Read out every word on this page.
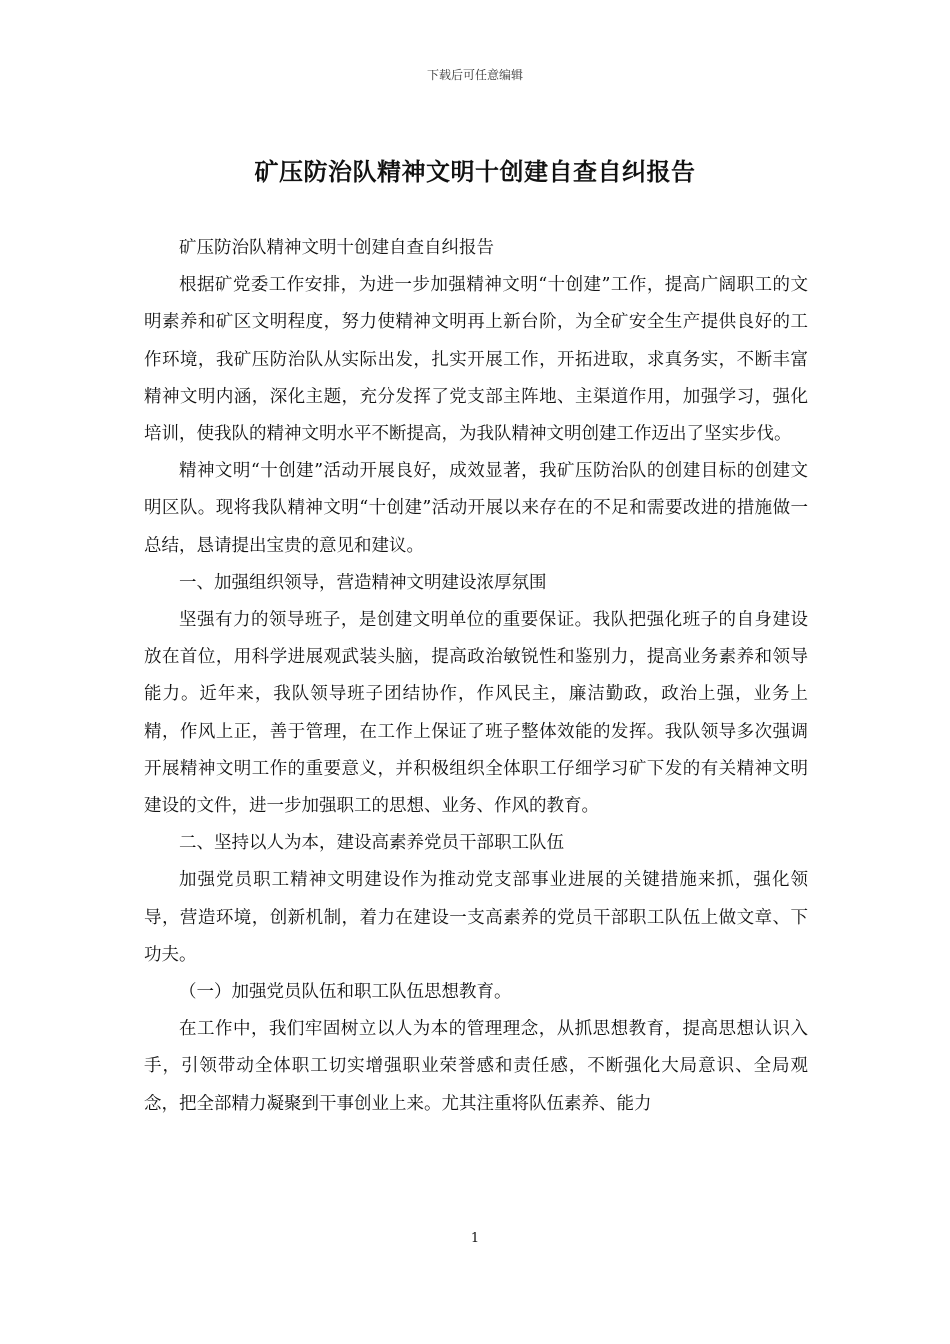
下载后可任意编辑
矿压防治队精神文明十创建自查自纠报告

矿压防治队精神文明十创建自查自纠报告

根据矿党委工作安排，为进一步加强精神文明“十创建”工作，提高广阔职工的文明素养和矿区文明程度，努力使精神文明再上新台阶，为全矿安全生产提供良好的工作环境，我矿压防治队从实际出发，扎实开展工作，开拓进取，求真务实，不断丰富精神文明内涵，深化主题，充分发挥了党支部主阵地、主渠道作用，加强学习，强化培训，使我队的精神文明水平不断提高，为我队精神文明创建工作迈出了坚实步伐。

精神文明“十创建”活动开展良好，成效显著，我矿压防治队的创建目标的创建文明区队。现将我队精神文明“十创建”活动开展以来存在的不足和需要改进的措施做一总结，恳请提出宝贵的意见和建议。

一、加强组织领导，营造精神文明建设浓厚氛围

坚强有力的领导班子，是创建文明单位的重要保证。我队把强化班子的自身建设放在首位，用科学进展观武装头脑，提高政治敏锐性和鉴别力，提高业务素养和领导能力。近年来，我队领导班子团结协作，作风民主，廉洁勤政，政治上强，业务上精，作风上正，善于管理，在工作上保证了班子整体效能的发挥。我队领导多次强调开展精神文明工作的重要意义，并积极组织全体职工仔细学习矿下发的有关精神文明建设的文件，进一步加强职工的思想、业务、作风的教育。

二、坚持以人为本，建设高素养党员干部职工队伍

加强党员职工精神文明建设作为推动党支部事业进展的关键措施来抓，强化领导，营造环境，创新机制，着力在建设一支高素养的党员干部职工队伍上做文章、下功夫。

（一）加强党员队伍和职工队伍思想教育。

在工作中，我们牢固树立以人为本的管理理念，从抓思想教育，提高思想认识入手，引领带动全体职工切实增强职业荣誉感和责任感，不断强化大局意识、全局观念，把全部精力凝聚到干事创业上来。尤其注重将队伍素养、能力

1
